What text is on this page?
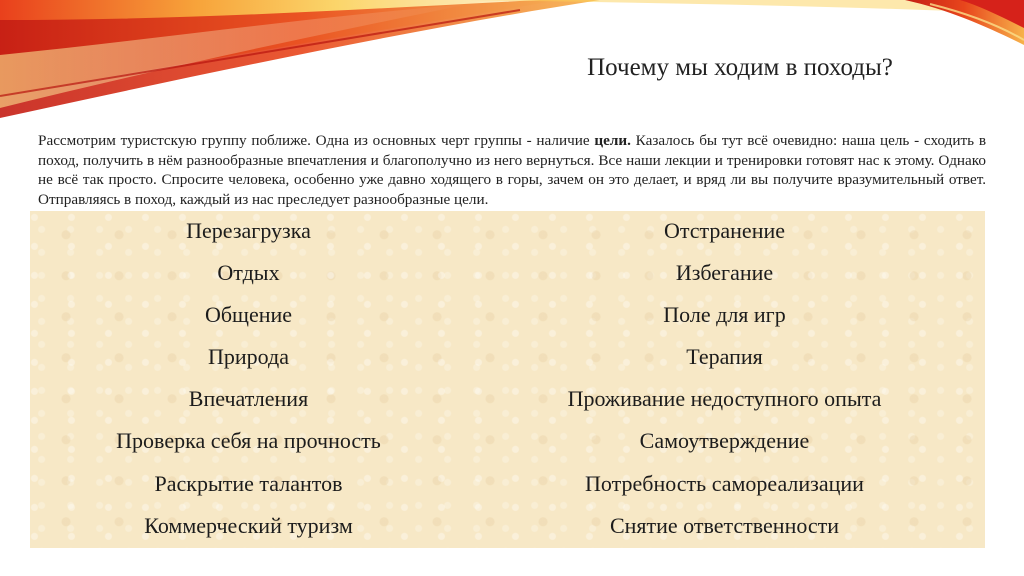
Почему мы ходим в походы?
Рассмотрим туристскую группу поближе. Одна из основных черт группы - наличие цели. Казалось бы тут всё очевидно: наша цель - сходить в поход, получить в нём разнообразные впечатления и благополучно из него вернуться. Все наши лекции и тренировки готовят нас к этому. Однако не всё так просто. Спросите человека, особенно уже давно ходящего в горы, зачем он это делает, и вряд ли вы получите вразумительный ответ. Отправляясь в поход, каждый из нас преследует разнообразные цели.
Перезагрузка
Отдых
Общение
Природа
Впечатления
Проверка себя на прочность
Раскрытие талантов
Коммерческий туризм
Отстранение
Избегание
Поле для игр
Терапия
Проживание недоступного опыта
Самоутверждение
Потребность самореализации
Снятие ответственности
